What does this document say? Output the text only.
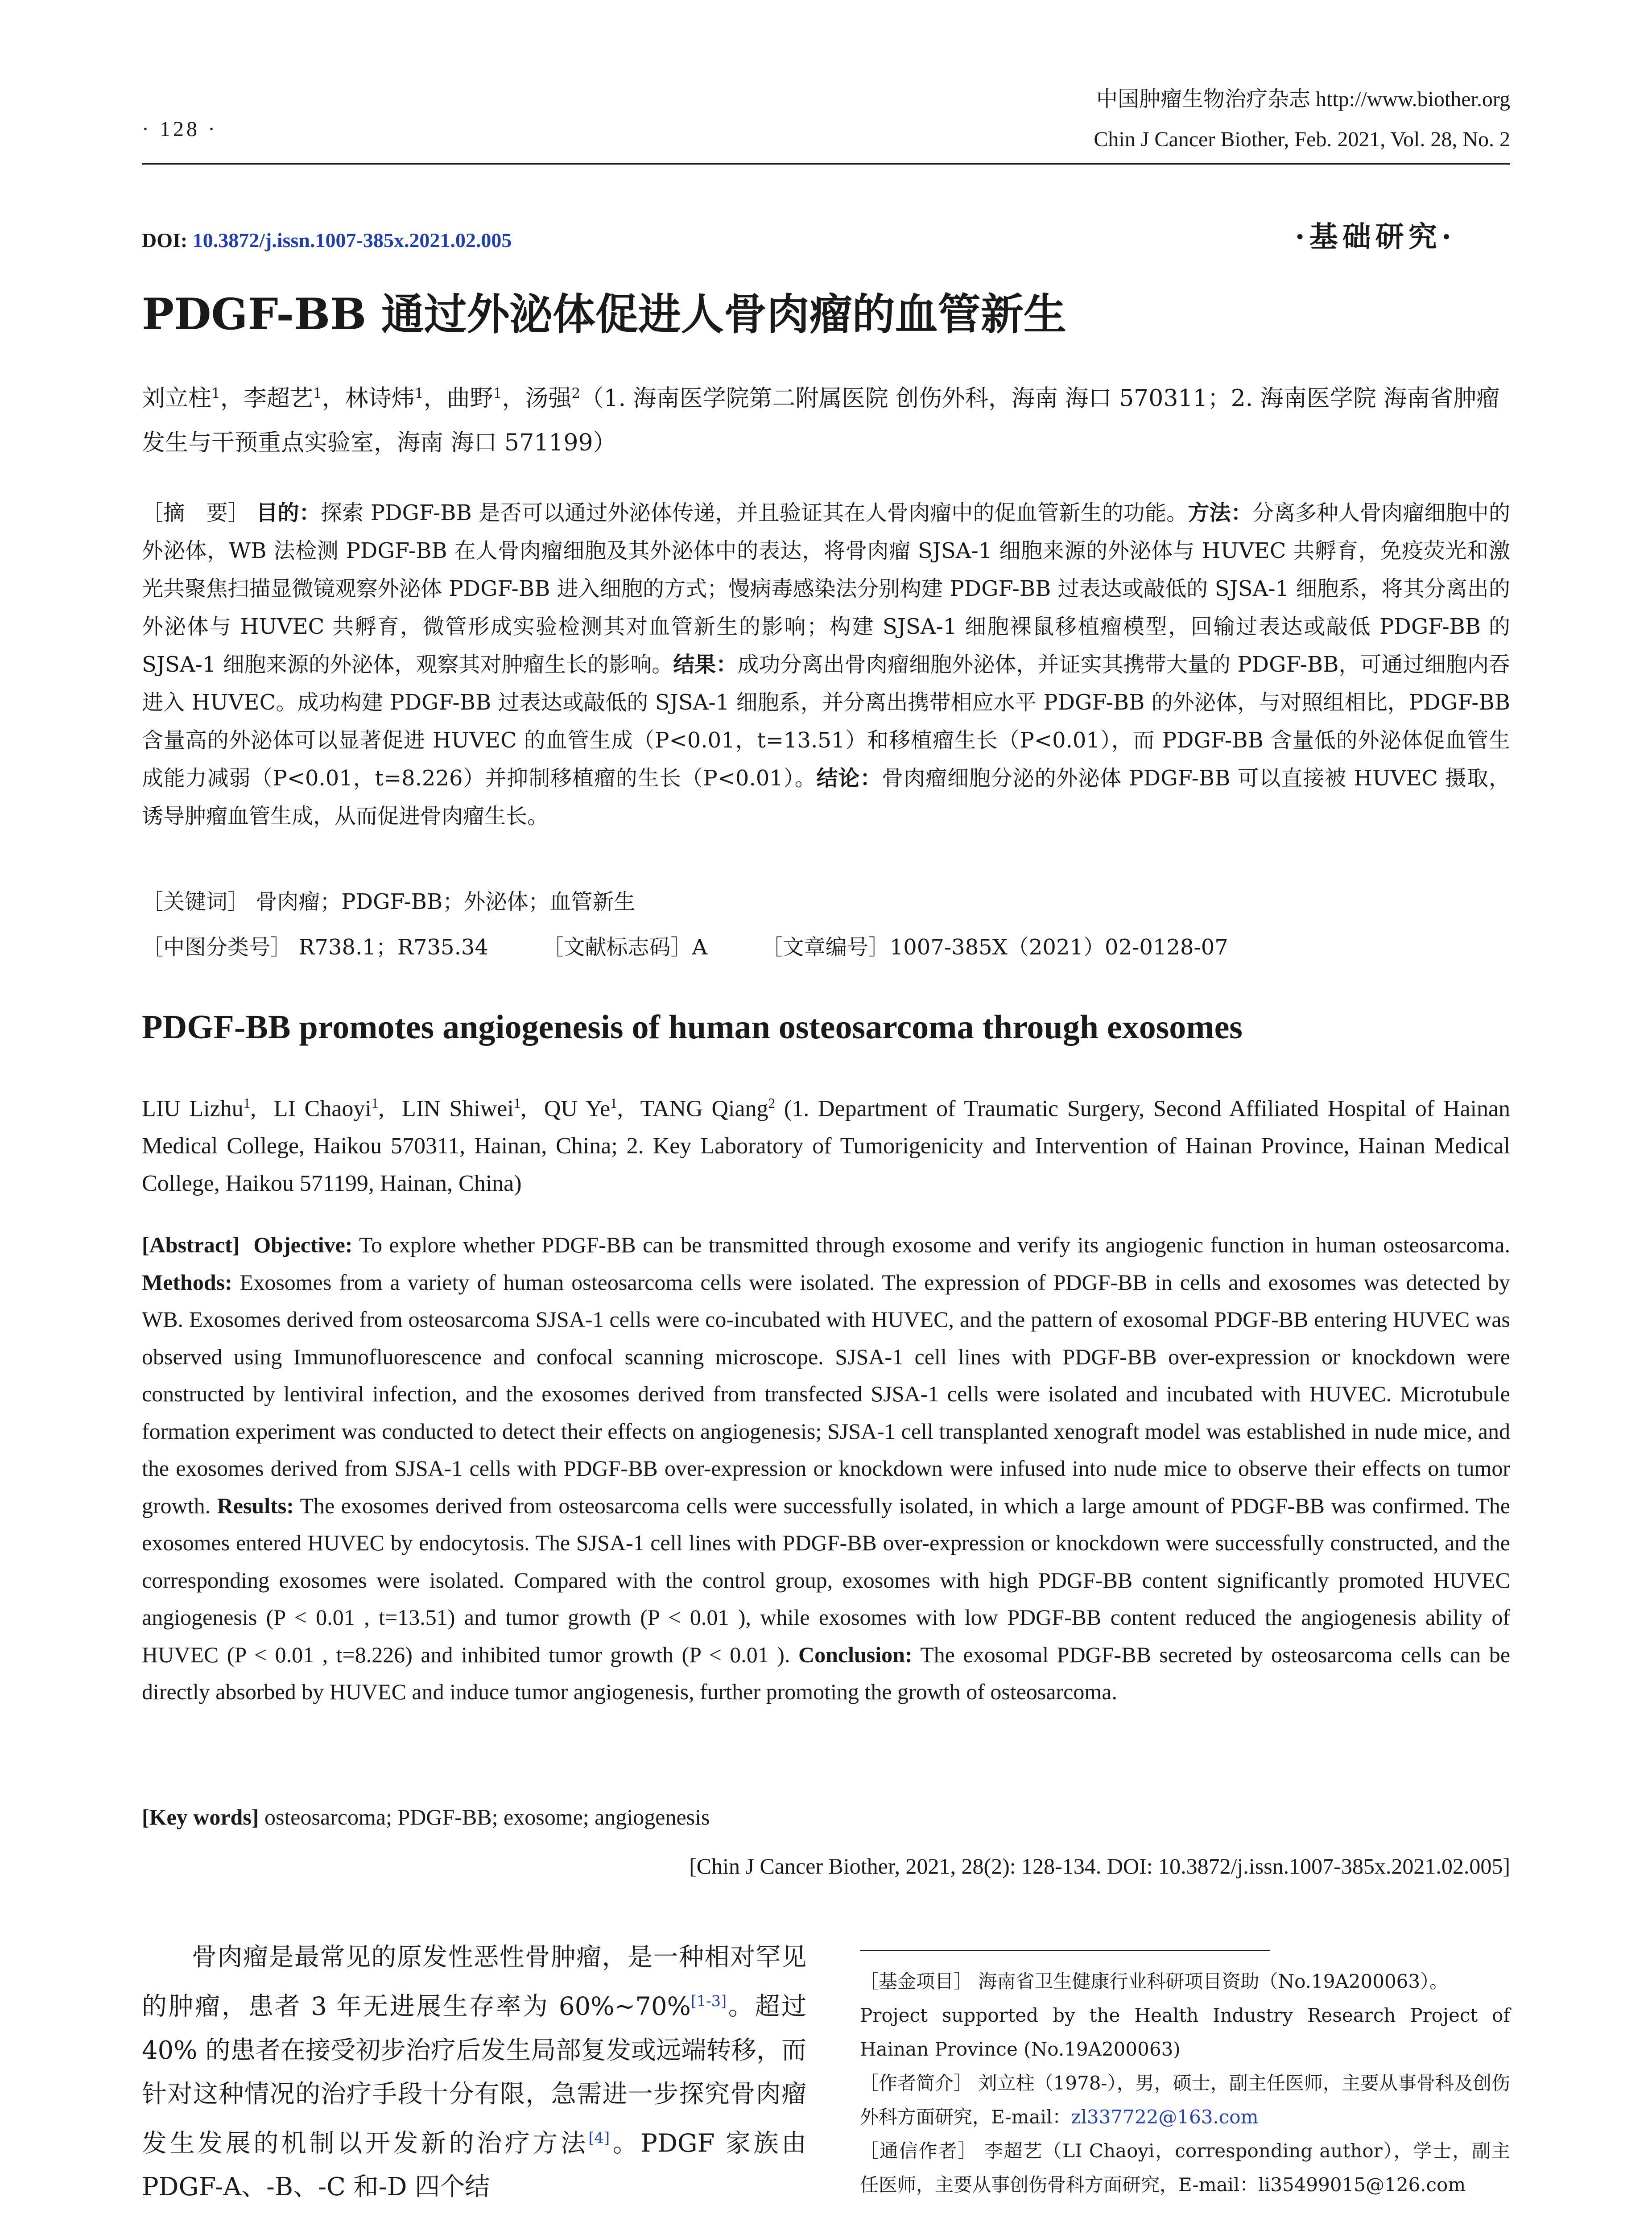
· 128 ·
中国肿瘤生物治疗杂志 http://www.biother.org
Chin J Cancer Biother, Feb. 2021, Vol. 28, No. 2
DOI: 10.3872/j.issn.1007-385x.2021.02.005	·基础研究·
PDGF-BB 通过外泌体促进人骨肉瘤的血管新生
刘立柱$^1$，李超艺$^1$，林诗炜$^1$，曲野$^1$，汤强$^2$（1. 海南医学院第二附属医院 创伤外科，海南 海口 570311；2. 海南医学院 海南省肿瘤发生与干预重点实验室，海南 海口 571199）
［摘　要］ 目的：探索 PDGF-BB 是否可以通过外泌体传递，并且验证其在人骨肉瘤中的促血管新生的功能。方法：分离多种人骨肉瘤细胞中的外泌体，WB 法检测 PDGF-BB 在人骨肉瘤细胞及其外泌体中的表达，将骨肉瘤 SJSA-1 细胞来源的外泌体与 HUVEC 共孵育，免疫荧光和激光共聚焦扫描显微镜观察外泌体 PDGF-BB 进入细胞的方式；慢病毒感染法分别构建 PDGF-BB 过表达或敲低的 SJSA-1 细胞系，将其分离出的外泌体与 HUVEC 共孵育，微管形成实验检测其对血管新生的影响；构建 SJSA-1 细胞裸鼠移植瘤模型，回输过表达或敲低 PDGF-BB 的 SJSA-1 细胞来源的外泌体，观察其对肿瘤生长的影响。结果：成功分离出骨肉瘤细胞外泌体，并证实其携带大量的 PDGF-BB，可通过细胞内吞进入 HUVEC。成功构建 PDGF-BB 过表达或敲低的 SJSA-1 细胞系，并分离出携带相应水平 PDGF-BB 的外泌体，与对照组相比，PDGF-BB 含量高的外泌体可以显著促进 HUVEC 的血管生成（P<0.01，t=13.51）和移植瘤生长（P<0.01），而 PDGF-BB 含量低的外泌体促血管生成能力减弱（P<0.01，t=8.226）并抑制移植瘤的生长（P<0.01）。结论：骨肉瘤细胞分泌的外泌体 PDGF-BB 可以直接被 HUVEC 摄取，诱导肿瘤血管生成，从而促进骨肉瘤生长。
［关键词］ 骨肉瘤；PDGF-BB；外泌体；血管新生
［中图分类号］ R738.1；R735.34	［文献标志码］A	［文章编号］1007-385X（2021）02-0128-07
PDGF-BB promotes angiogenesis of human osteosarcoma through exosomes
LIU Lizhu$^1$,  LI Chaoyi$^1$,  LIN Shiwei$^1$,  QU Ye$^1$,  TANG Qiang$^2$ (1. Department of Traumatic Surgery, Second Affiliated Hospital of Hainan Medical College, Haikou 570311, Hainan, China; 2. Key Laboratory of Tumorigenicity and Intervention of Hainan Province, Hainan Medical College, Haikou 571199, Hainan, China)
[Abstract] Objective: To explore whether PDGF-BB can be transmitted through exosome and verify its angiogenic function in human osteosarcoma. Methods: Exosomes from a variety of human osteosarcoma cells were isolated. The expression of PDGF-BB in cells and exosomes was detected by WB. Exosomes derived from osteosarcoma SJSA-1 cells were co-incubated with HUVEC, and the pattern of exosomal PDGF-BB entering HUVEC was observed using Immunofluorescence and confocal scanning microscope. SJSA-1 cell lines with PDGF-BB over-expression or knockdown were constructed by lentiviral infection, and the exosomes derived from transfected SJSA-1 cells were isolated and incubated with HUVEC. Microtubule formation experiment was conducted to detect their effects on angiogenesis; SJSA-1 cell transplanted xenograft model was established in nude mice, and the exosomes derived from SJSA-1 cells with PDGF-BB over-expression or knockdown were infused into nude mice to observe their effects on tumor growth. Results: The exosomes derived from osteosarcoma cells were successfully isolated, in which a large amount of PDGF-BB was confirmed. The exosomes entered HUVEC by endocytosis. The SJSA-1 cell lines with PDGF-BB over-expression or knockdown were successfully constructed, and the corresponding exosomes were isolated. Compared with the control group, exosomes with high PDGF-BB content significantly promoted HUVEC angiogenesis (P < 0.01 , t=13.51) and tumor growth (P < 0.01 ), while exosomes with low PDGF-BB content reduced the angiogenesis ability of HUVEC (P < 0.01 , t=8.226) and inhibited tumor growth (P < 0.01 ). Conclusion: The exosomal PDGF-BB secreted by osteosarcoma cells can be directly absorbed by HUVEC and induce tumor angiogenesis, further promoting the growth of osteosarcoma.
[Key words] osteosarcoma; PDGF-BB; exosome; angiogenesis
[Chin J Cancer Biother, 2021, 28(2): 128-134. DOI: 10.3872/j.issn.1007-385x.2021.02.005]
骨肉瘤是最常见的原发性恶性骨肿瘤，是一种相对罕见的肿瘤，患者 3 年无进展生存率为 60%~70%[1-3]。超过 40% 的患者在接受初步治疗后发生局部复发或远端转移，而针对这种情况的治疗手段十分有限，急需进一步探究骨肉瘤发生发展的机制以开发新的治疗方法[4]。PDGF 家族由 PDGF-A、-B、-C 和-D 四个结

［基金项目］ 海南省卫生健康行业科研项目资助（No.19A200063）。

Project supported by the Health Industry Research Project of Hainan Province (No.19A200063)

［作者简介］ 刘立柱（1978-），男，硕士，副主任医师，主要从事骨科及创伤外科方面研究，E-mail：zl337722@163.com

［通信作者］ 李超艺（LI Chaoyi，corresponding author），学士，副主任医师，主要从事创伤骨科方面研究，E-mail：li35499015@126.com
